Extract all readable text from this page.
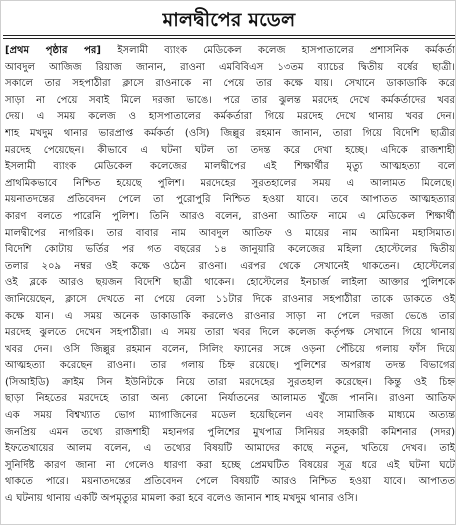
মালদ্বীপের মডেল
[প্রথম পৃষ্ঠার পর] ইসলামী ব্যাংক মেডিকেল কলেজ হাসপাতালের প্রশাসনিক কর্মকর্তা
আবদুল আজিজ রিয়াজ জানান, রাওনা এমবিবিএস ১৩তম ব্যাচের দ্বিতীয় বর্ষের ছাত্রী।
সকালে তার সহপাঠীরা ক্লাসে রাওনাকে না পেয়ে তার কক্ষে যায়। সেখানে ডাকাডাকি করে
সাড়া না পেয়ে সবাই মিলে দরজা ভাঙে। পরে তার ঝুলন্ত মরদেহ দেখে কর্মকর্তাদের খবর
দেয়। এ সময় কলেজ ও হাসপাতালের কর্মকর্তারা গিয়ে মরদেহ দেখে থানায় খবর দেন।
শাহ মখদুম থানার ভারপ্রাপ্ত কর্মকর্তা (ওসি) জিল্লুর রহমান জানান, তারা গিয়ে বিদেশি ছাত্রীর
মরদেহ পেয়েছেন। কীভাবে এ ঘটনা ঘটল তা তদন্ত করে দেখা হচ্ছে। এদিকে রাজশাহী
ইসলামী ব্যাংক মেডিকেল কলেজের মালদ্বীপের এই শিক্ষার্থীর মৃত্যু আত্মহত্যা বলে
প্রাথমিকভাবে নিশ্চিত হয়েছে পুলিশ। মরদেহের সুরতহালের সময় এ আলামত মিলেছে।
ময়নাতদন্তের প্রতিবেদন পেলে তা পুরোপুরি নিশ্চিত হওয়া যাবে। তবে আপাতত আত্মহত্যার
কারণ বলতে পারেনি পুলিশ। তিনি আরও বলেন, রাওনা আতিফ নামে এ মেডিকেল শিক্ষার্থী
মালদ্বীপের নাগরিক। তার বাবার নাম আবদুল আতিফ ও মায়ের নাম আমিনা মহাসিমাত।
বিদেশি কোটায় ভর্তির পর গত বছরের ১৪ জানুয়ারি কলেজের মহিলা হোস্টেলের দ্বিতীয়
তলার ২০৯ নম্বর ওই কক্ষে ওঠেন রাওনা। এরপর থেকে সেখানেই থাকতেন। হোস্টেলের
ওই ব্লকে আরও ছয়জন বিদেশি ছাত্রী থাকেন। হোস্টেলের ইনচার্জ লাইলা আক্তার পুলিশকে
জানিয়েছেন, ক্লাসে দেখতে না পেয়ে বেলা ১১টার দিকে রাওনার সহপাঠীরা তাকে ডাকতে ওই
কক্ষে যান। এ সময় অনেক ডাকাডাকি করলেও রাওনার সাড়া না পেলে দরজা ভেঙে তার
মরদেহ ঝুলতে দেখেন সহপাঠীরা। এ সময় তারা খবর দিলে কলেজ কর্তৃপক্ষ সেখানে গিয়ে থানায়
খবর দেন। ওসি জিল্লুর রহমান বলেন, সিলিং ফ্যানের সঙ্গে ওড়না পেঁচিয়ে গলায় ফাঁস দিয়ে
আত্মহত্যা করেছেন রাওনা। তার গলায় চিহ্ন রয়েছে। পুলিশের অপরাধ তদন্ত বিভাগের
(সিআইডি) ক্রাইম সিন ইউনিটকে নিয়ে তারা মরদেহের সুরতহাল করেছেন। কিন্তু ওই চিহ্ন
ছাড়া নিহতের মরদেহে তারা অন্য কোনো নির্যাতনের আলামত খুঁজে পাননি। রাওনা আতিফ
এক সময় বিশ্বখ্যাত ভোগ ম্যাগাজিনের মডেল হয়েছিলেন এবং সামাজিক মাধ্যমে অত্যন্ত
জনপ্রিয় এমন তথ্যে রাজশাহী মহানগর পুলিশের মুখপাত্র সিনিয়র সহকারী কমিশনার (সদর)
ইফতেখায়ের আলম বলেন, এ তথ্যের বিষয়টি আমাদের কাছে নতুন, খতিয়ে দেখব। তাই
সুনির্দিষ্ট কারণ জানা না গেলেও ধারণা করা হচ্ছে প্রেমঘটিত বিষয়ের সূত্র ধরে এই ঘটনা ঘটে
থাকতে পারে। ময়নাতদন্তের প্রতিবেদন পেলে বিষয়টি আরও নিশ্চিত হওয়া যাবে। আপাতত
এ ঘটনায় থানায় একটি অপমৃত্যুর মামলা করা হবে বলেও জানান শাহ মখদুম থানার ওসি।
